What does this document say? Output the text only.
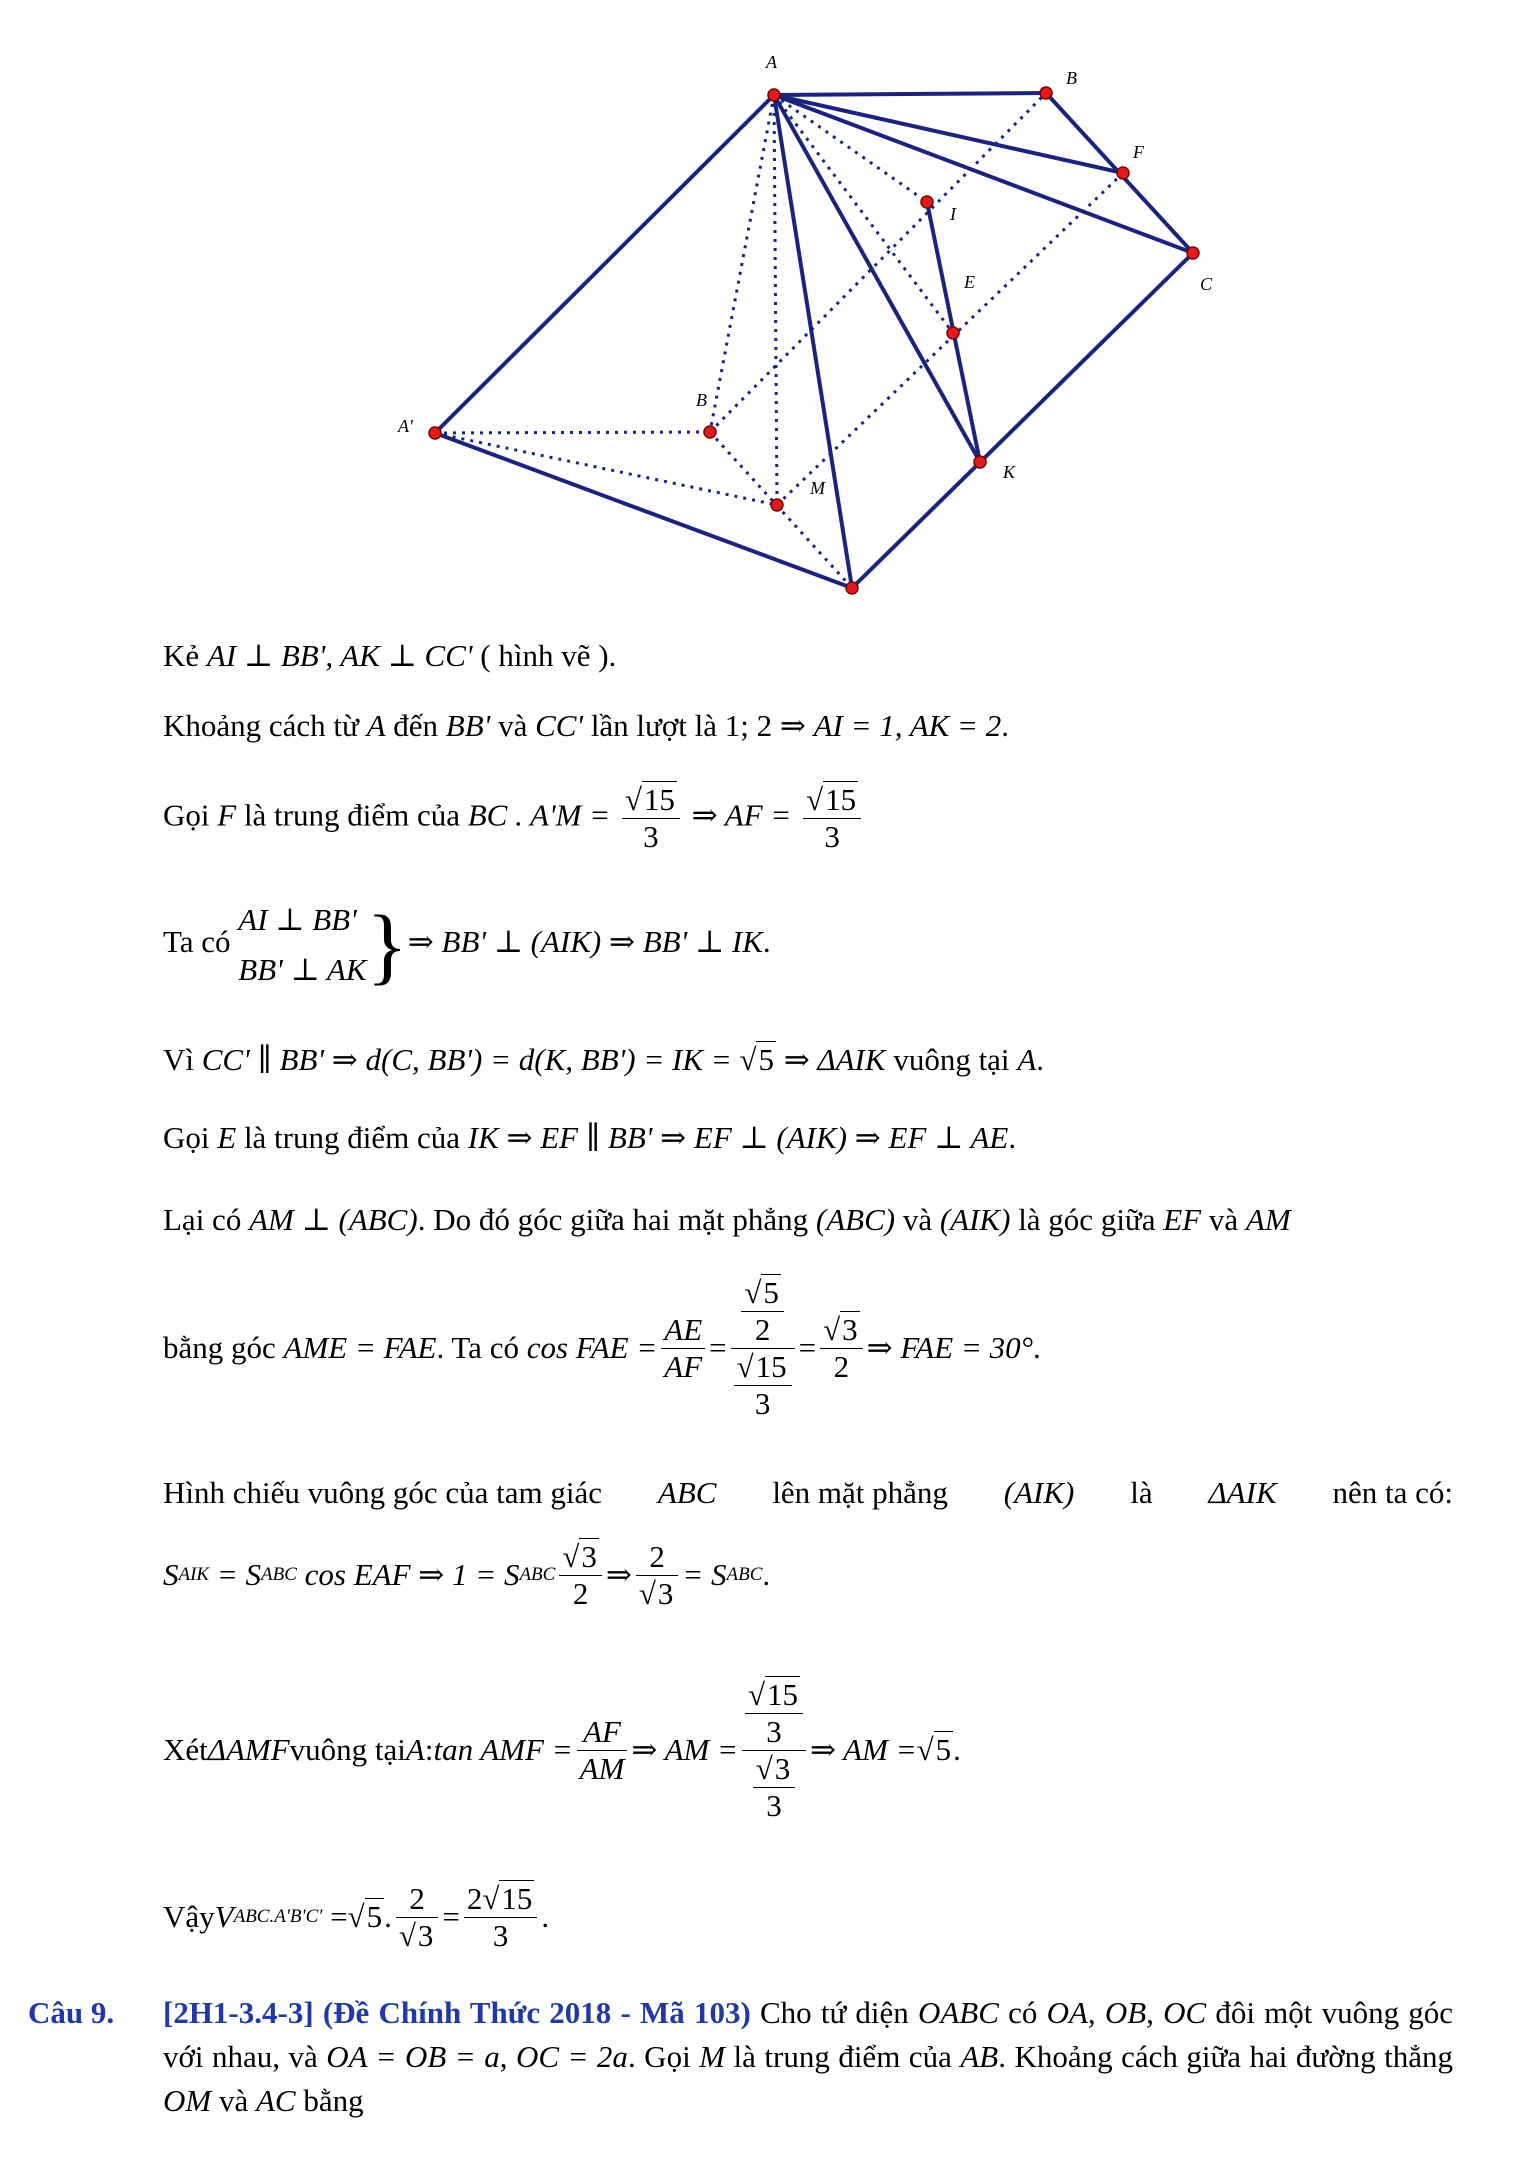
A
B
F
I
C
E
B
A'
M
K
Kẻ AI ⊥ BB', AK ⊥ CC' ( hình vẽ ).
Khoảng cách từ A đến BB' và CC' lần lượt là 1; 2 ⇒ AI = 1, AK = 2.
Gọi F là trung điểm của BC . $A'M = \frac{√15}{3}$ ⇒ AF = $\frac{√15}{3}$
Ta có
AI ⊥ BB'
BB' ⊥ AK }⇒ BB' ⊥ (AIK) ⇒ BB' ⊥ IK.
Vì CC' ∥ BB' ⇒ d(C, BB') = d(K, BB') = IK = √5 ⇒ ΔAIK vuông tại A.
Gọi E là trung điểm của IK ⇒ EF ∥ BB' ⇒ EF ⊥ (AIK) ⇒ EF ⊥ AE.
Lại có AM ⊥ (ABC). Do đó góc giữa hai mặt phẳng (ABC) và (AIK) là góc giữa EF và AM
bằng góc
AME = FAE . Ta có
cos FAE = $\frac{AE}{AF} = \frac{\frac{√5}{2}}{\frac{√15}{3}} = \frac{√3}{2}$ ⇒ FAE = 30° .
Hình chiếu vuông góc của tam giác ABC lên mặt phẳng (AIK) là ΔAIK nên ta có:
S AIK
= S ABC
cos EAF ⇒ 1 = S ABC $\frac{√3}{2}$ ⇒ $\frac{2}{√3} = S$ ABC .
Xét ΔAMF vuông tại A : tan AMF = $\frac{AF}{AM}$ ⇒ AM = $\frac{\frac{√15}{3}}{\frac{√3}{3}}$ ⇒ AM = √5 .
Vậy V ABC.A'B'C'
= √5 . $\frac{2}{√3} = \frac{2√15}{3}$ .
Câu 9. [2H1-3.4-3] (Đề Chính Thức 2018 - Mã 103) Cho tứ diện OABC có OA, OB, OC đôi một vuông góc với nhau, và OA = OB = a, OC = 2a. Gọi M là trung điểm của AB. Khoảng cách giữa hai đường thẳng OM và AC bằng
